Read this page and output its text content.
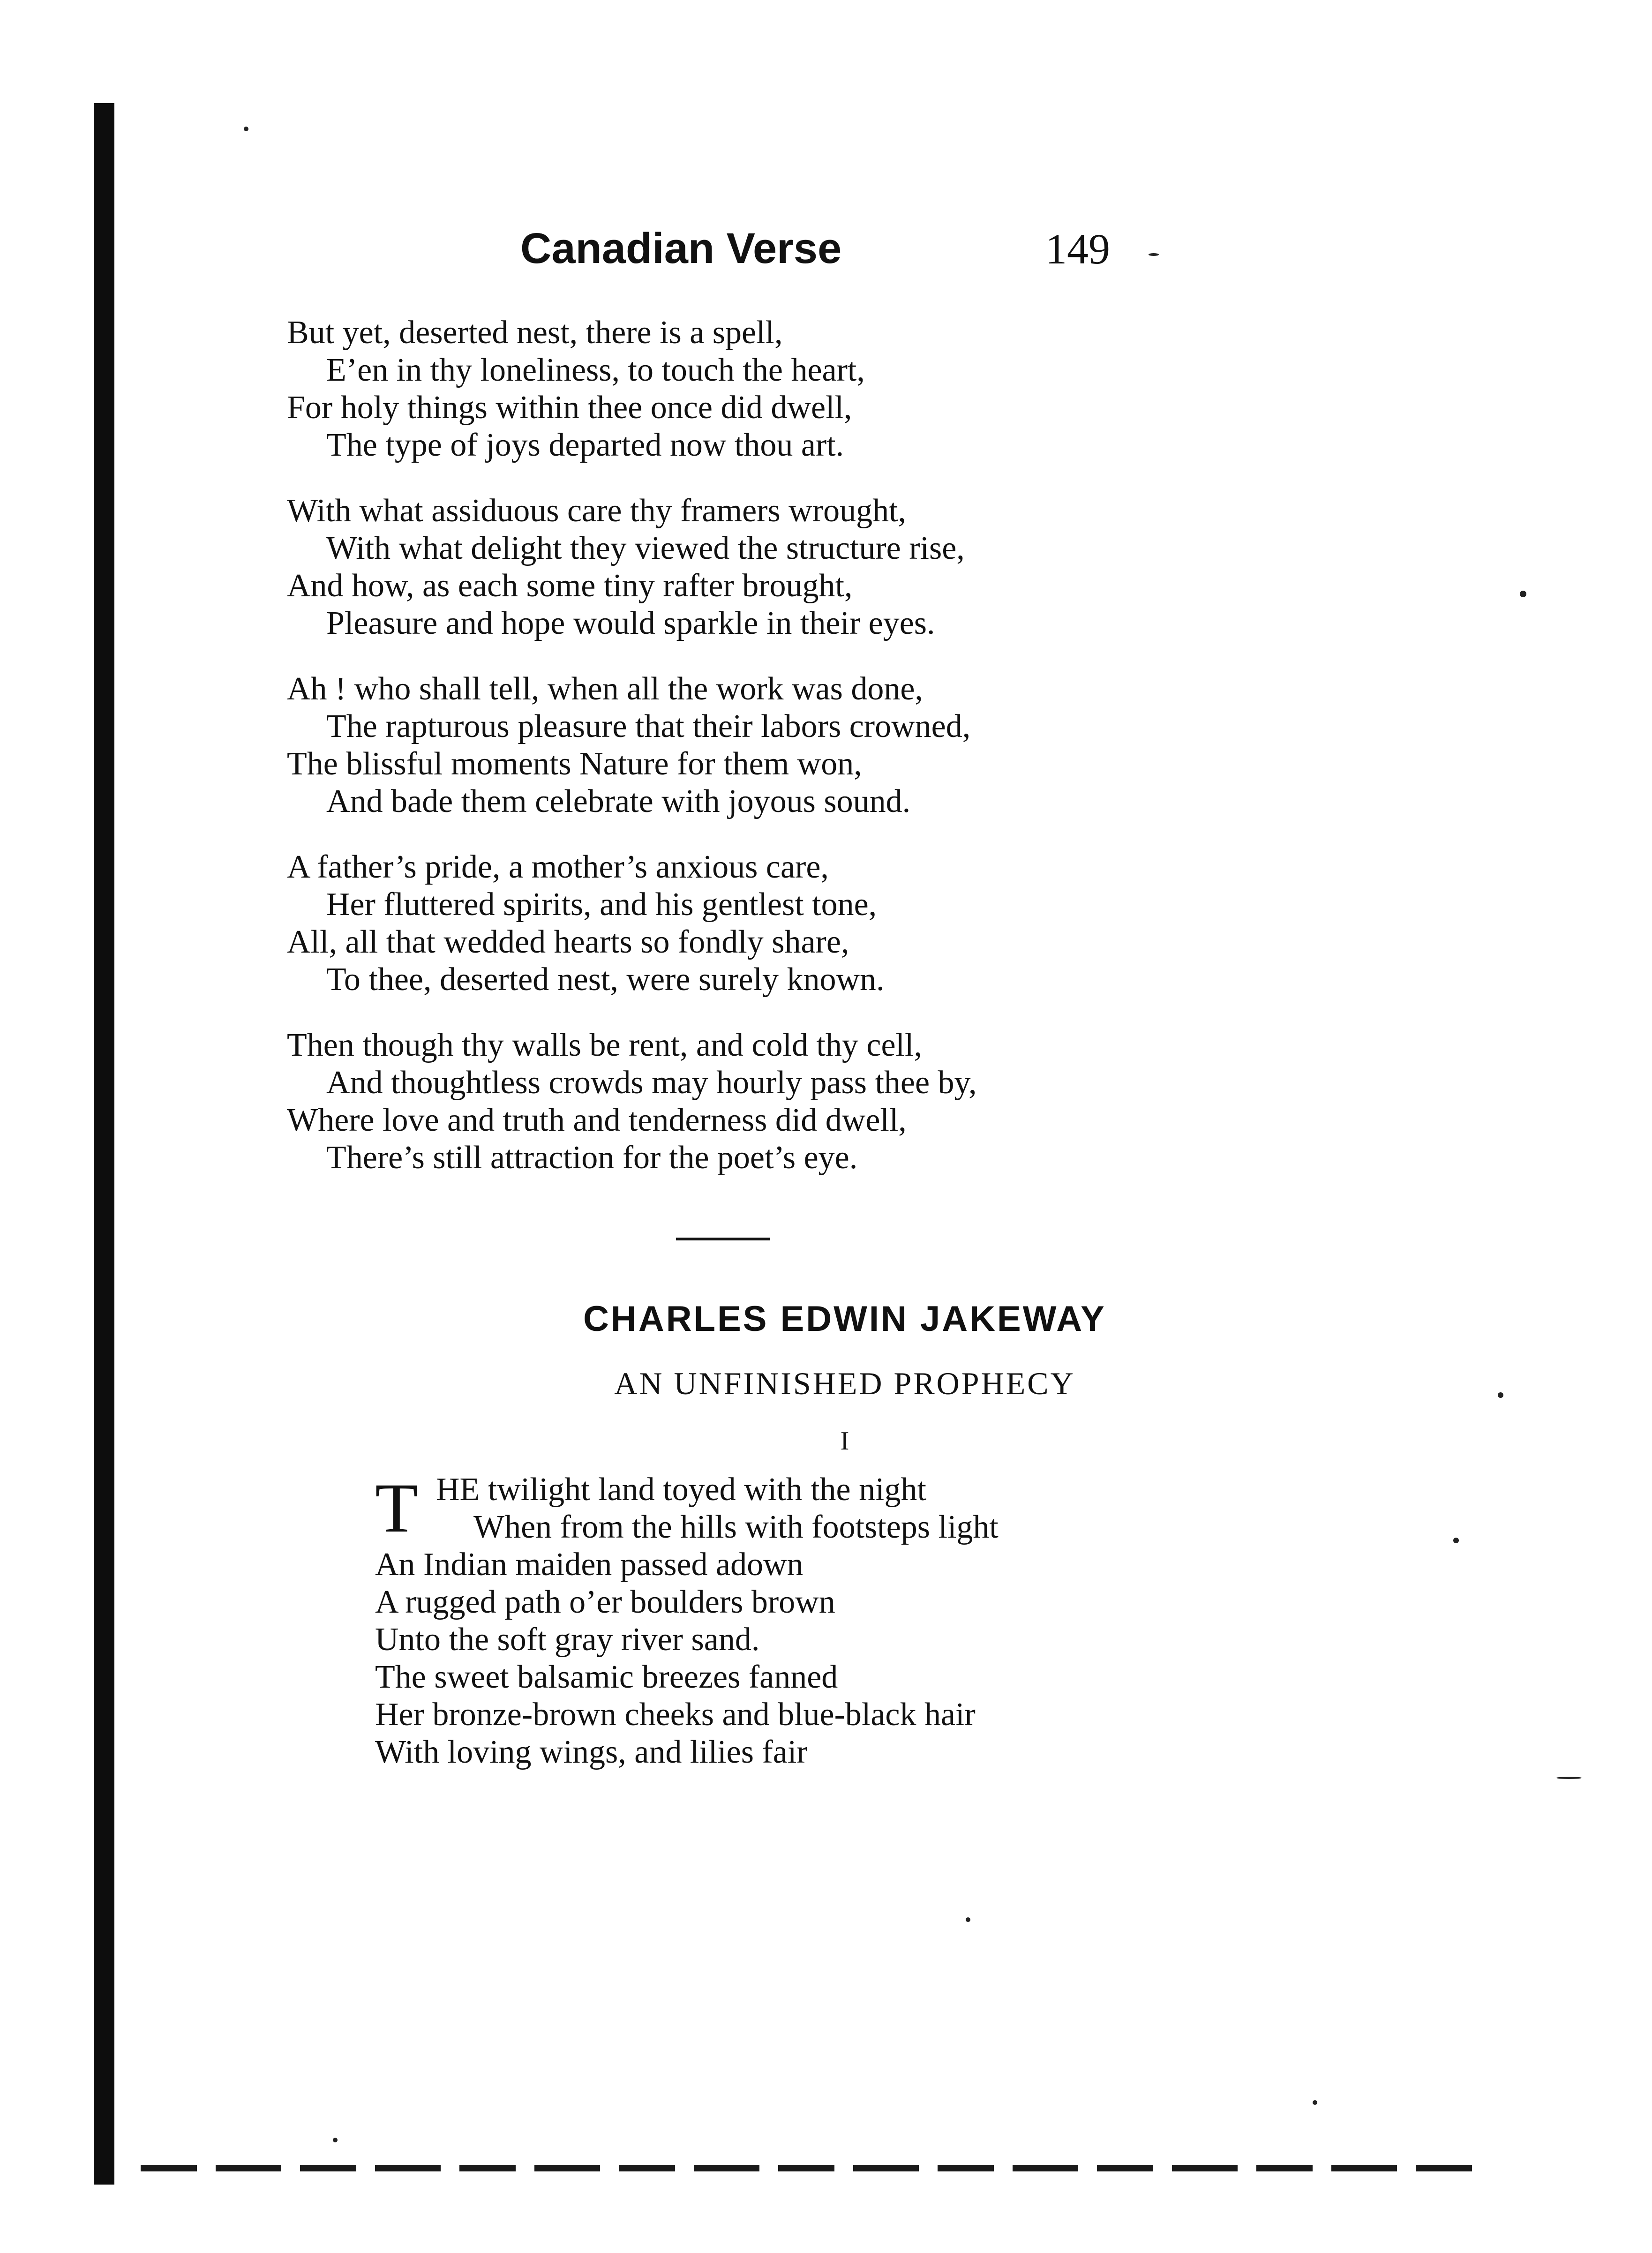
Canadian Verse	149
But yet, deserted nest, there is a spell,
E’en in thy loneliness, to touch the heart,
For holy things within thee once did dwell,
The type of joys departed now thou art.
With what assiduous care thy framers wrought,
With what delight they viewed the structure rise,
And how, as each some tiny rafter brought,
Pleasure and hope would sparkle in their eyes.
Ah ! who shall tell, when all the work was done,
The rapturous pleasure that their labors crowned,
The blissful moments Nature for them won,
And bade them celebrate with joyous sound.
A father’s pride, a mother’s anxious care,
Her fluttered spirits, and his gentlest tone,
All, all that wedded hearts so fondly share,
To thee, deserted nest, were surely known.
Then though thy walls be rent, and cold thy cell,
And thoughtless crowds may hourly pass thee by,
Where love and truth and tenderness did dwell,
There’s still attraction for the poet’s eye.
CHARLES EDWIN JAKEWAY
AN UNFINISHED PROPHECY
I
T HE twilight land toyed with the night
When from the hills with footsteps light
An Indian maiden passed adown
A rugged path o’er boulders brown
Unto the soft gray river sand.
The sweet balsamic breezes fanned
Her bronze-brown cheeks and blue-black hair
With loving wings, and lilies fair
